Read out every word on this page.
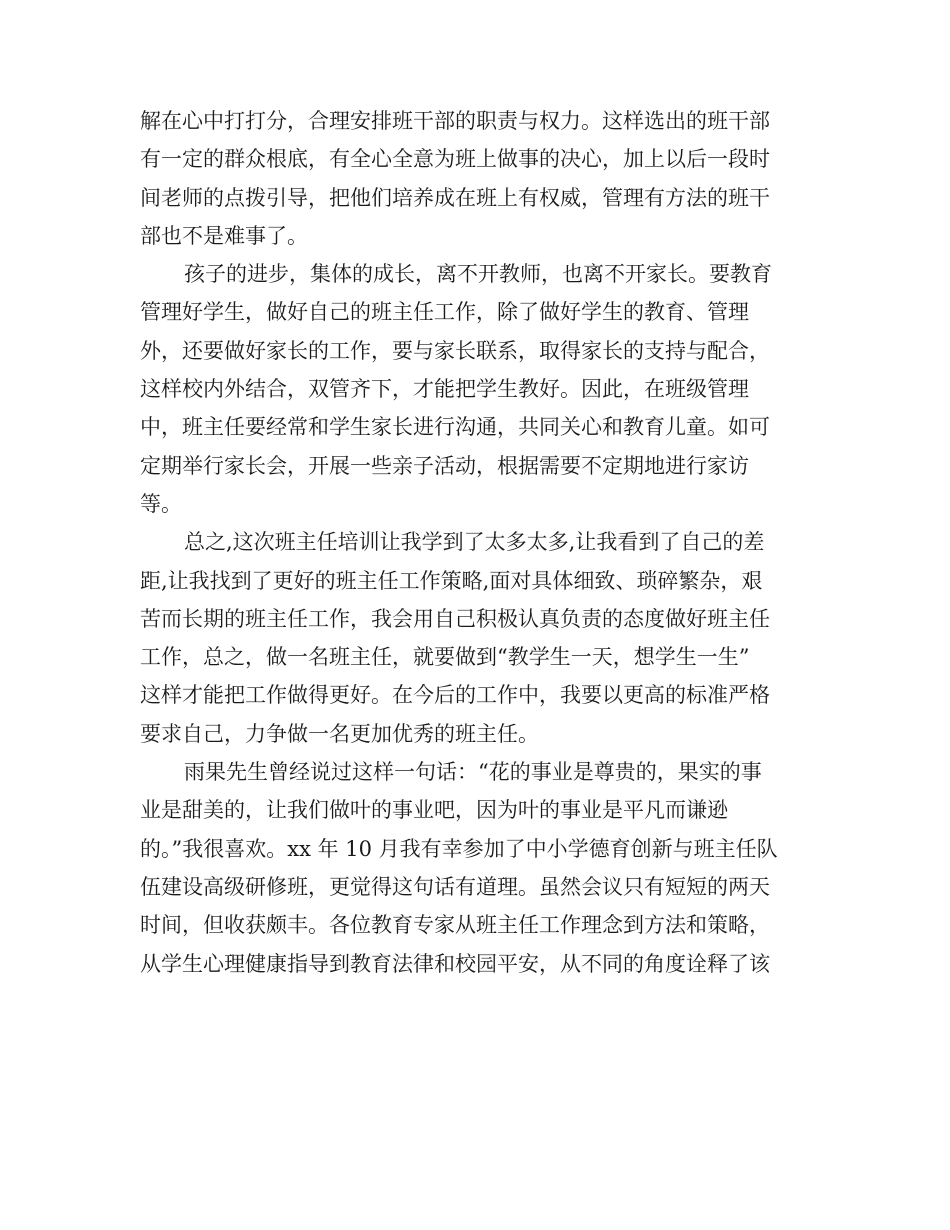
解在心中打打分，合理安排班干部的职责与权力。这样选出的班干部
有一定的群众根底，有全心全意为班上做事的决心，加上以后一段时
间老师的点拨引导，把他们培养成在班上有权威，管理有方法的班干
部也不是难事了。
孩子的进步，集体的成长，离不开教师，也离不开家长。要教育
管理好学生，做好自己的班主任工作，除了做好学生的教育、管理
外，还要做好家长的工作，要与家长联系，取得家长的支持与配合，
这样校内外结合，双管齐下，才能把学生教好。因此，在班级管理
中，班主任要经常和学生家长进行沟通，共同关心和教育儿童。如可
定期举行家长会，开展一些亲子活动，根据需要不定期地进行家访
等。
总之,这次班主任培训让我学到了太多太多,让我看到了自己的差
距,让我找到了更好的班主任工作策略,面对具体细致、琐碎繁杂，艰
苦而长期的班主任工作，我会用自己积极认真负责的态度做好班主任
工作，总之，做一名班主任，就要做到“教学生一天，想学生一生”
这样才能把工作做得更好。在今后的工作中，我要以更高的标准严格
要求自己，力争做一名更加优秀的班主任。
雨果先生曾经说过这样一句话：“花的事业是尊贵的，果实的事
业是甜美的，让我们做叶的事业吧，因为叶的事业是平凡而谦逊
的。”我很喜欢。xx 年 10 月我有幸参加了中小学德育创新与班主任队
伍建设高级研修班，更觉得这句话有道理。虽然会议只有短短的两天
时间，但收获颇丰。各位教育专家从班主任工作理念到方法和策略，
从学生心理健康指导到教育法律和校园平安，从不同的角度诠释了该
